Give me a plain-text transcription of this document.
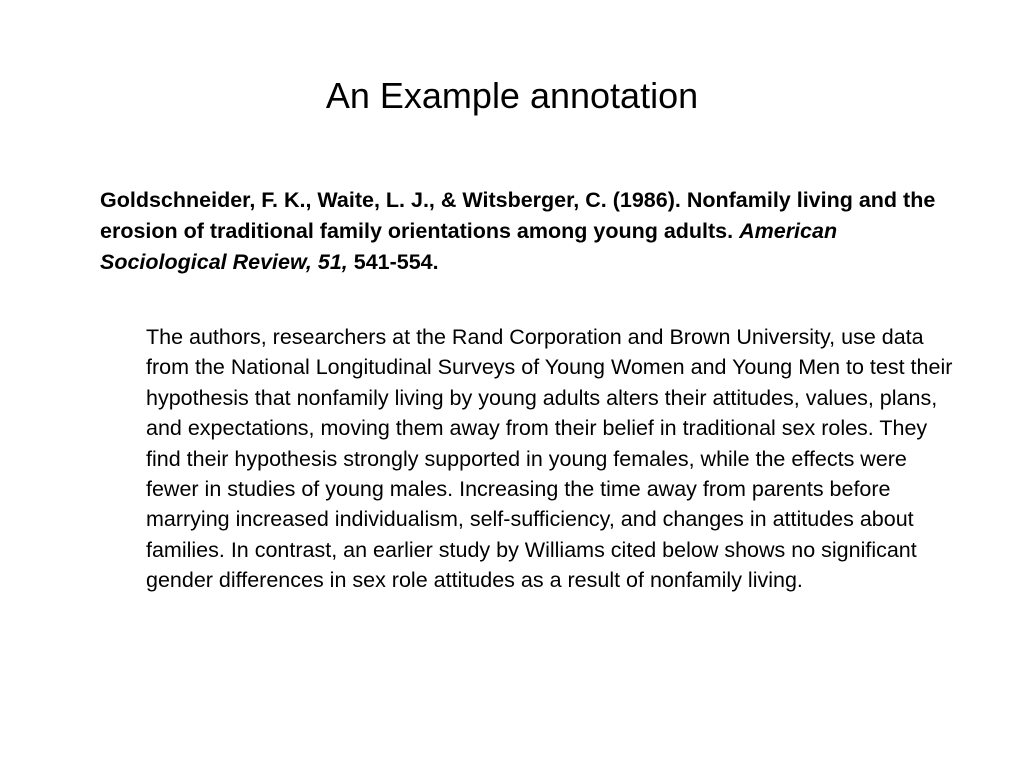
An Example annotation

Goldschneider, F. K., Waite, L. J., & Witsberger, C. (1986). Nonfamily living and the erosion of traditional family orientations among young adults. American Sociological Review, 51, 541-554.

The authors, researchers at the Rand Corporation and Brown University, use data from the National Longitudinal Surveys of Young Women and Young Men to test their hypothesis that nonfamily living by young adults alters their attitudes, values, plans, and expectations, moving them away from their belief in traditional sex roles. They find their hypothesis strongly supported in young females, while the effects were fewer in studies of young males. Increasing the time away from parents before marrying increased individualism, self-sufficiency, and changes in attitudes about families. In contrast, an earlier study by Williams cited below shows no significant gender differences in sex role attitudes as a result of nonfamily living.
